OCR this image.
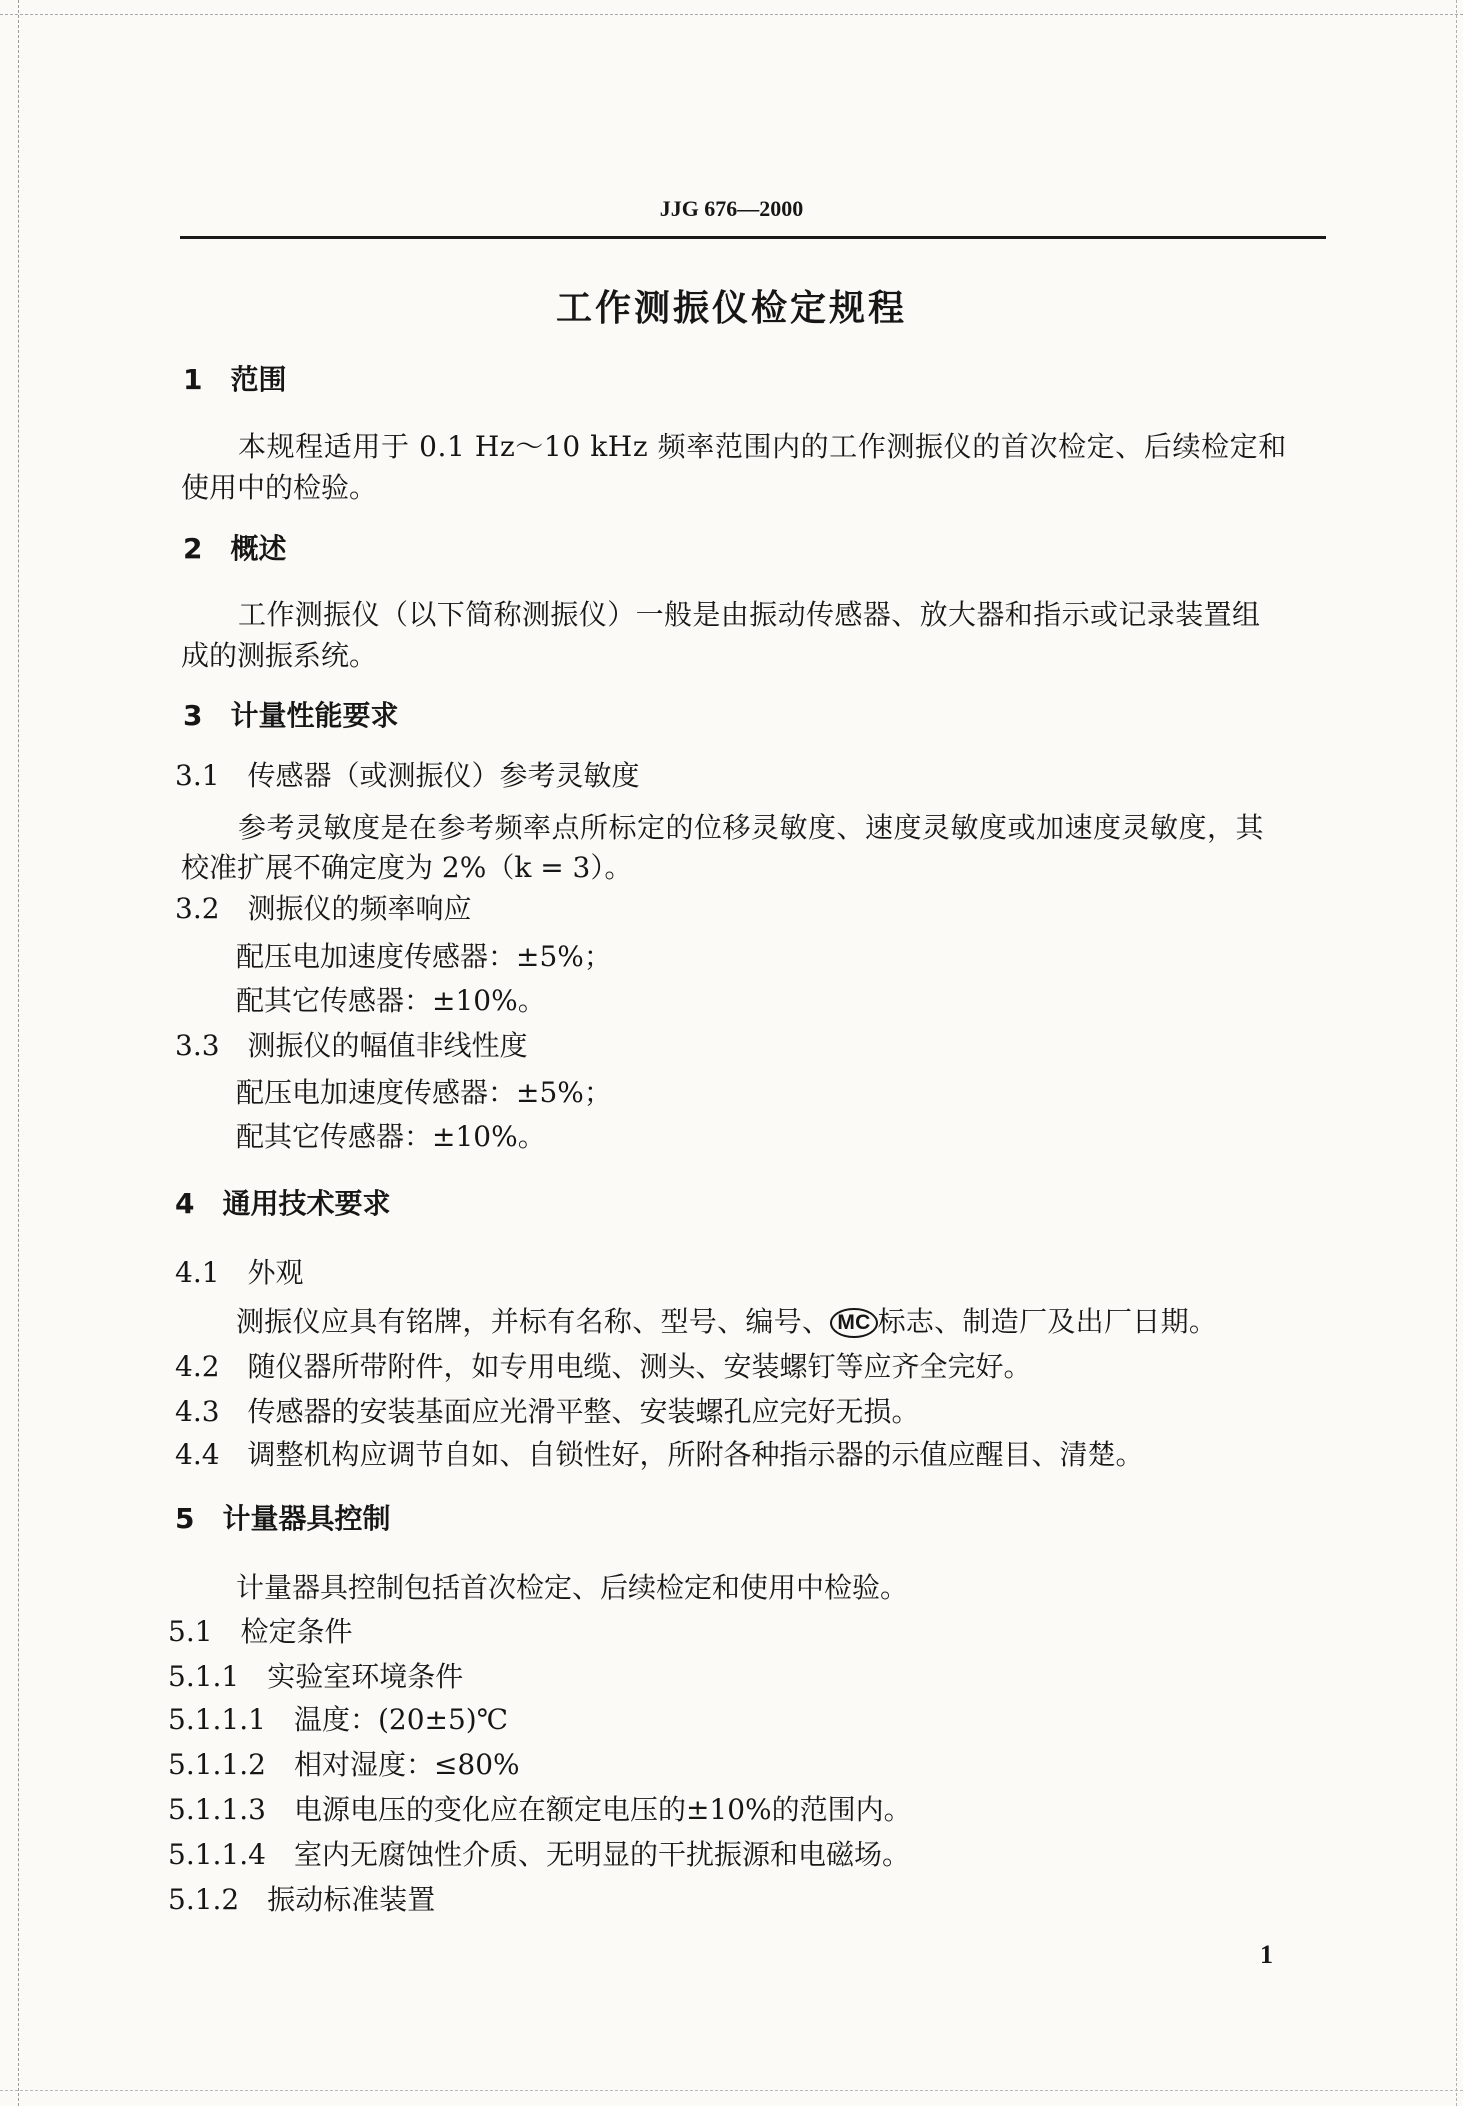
JJG 676—2000
工作测振仪检定规程
1　范围
本规程适用于 0.1 Hz～10 kHz 频率范围内的工作测振仪的首次检定、后续检定和
使用中的检验。
2　概述
工作测振仪（以下简称测振仪）一般是由振动传感器、放大器和指示或记录装置组
成的测振系统。
3　计量性能要求
3.1　传感器（或测振仪）参考灵敏度
参考灵敏度是在参考频率点所标定的位移灵敏度、速度灵敏度或加速度灵敏度，其
校准扩展不确定度为 2%（k = 3）。
3.2　测振仪的频率响应
配压电加速度传感器：±5%；
配其它传感器：±10%。
3.3　测振仪的幅值非线性度
配压电加速度传感器：±5%；
配其它传感器：±10%。
4　通用技术要求
4.1　外观
测振仪应具有铭牌，并标有名称、型号、编号、 MC 标志、制造厂及出厂日期。
4.2　随仪器所带附件，如专用电缆、测头、安装螺钉等应齐全完好。
4.3　传感器的安装基面应光滑平整、安装螺孔应完好无损。
4.4　调整机构应调节自如、自锁性好，所附各种指示器的示值应醒目、清楚。
5　计量器具控制
计量器具控制包括首次检定、后续检定和使用中检验。
5.1　检定条件
5.1.1　实验室环境条件
5.1.1.1　温度：(20±5)℃
5.1.1.2　相对湿度：≤80%
5.1.1.3　电源电压的变化应在额定电压的±10%的范围内。
5.1.1.4　室内无腐蚀性介质、无明显的干扰振源和电磁场。
5.1.2　振动标准装置
1
